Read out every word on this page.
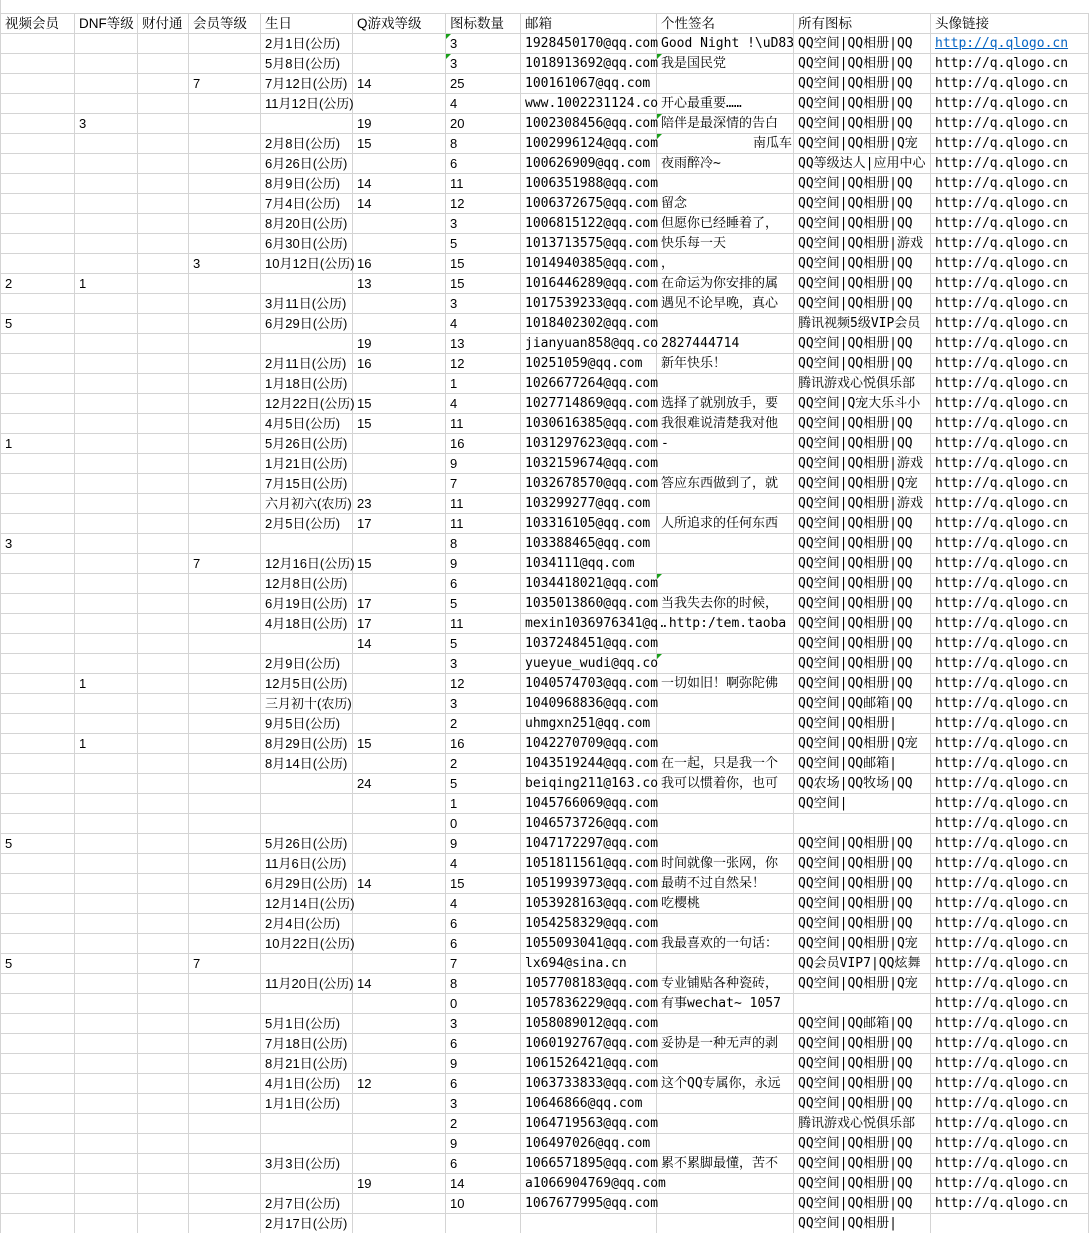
视频会员	DNF等级	财付通	会员等级	生日	Q游戏等级	图标数量	邮箱	个性签名	所有图标	头像链接
				2月1日(公历)		3	1928450170@qq.com	Good Night !\uD83	QQ空间|QQ相册|QQ	http://q.qlogo.cn
				5月8日(公历)		3	1018913692@qq.com	我是国民党	QQ空间|QQ相册|QQ	http://q.qlogo.cn
			7	7月12日(公历)	14	25	100161067@qq.com		QQ空间|QQ相册|QQ	http://q.qlogo.cn
				11月12日(公历)		4	www.1002231124.co	开心最重要……	QQ空间|QQ相册|QQ	http://q.qlogo.cn
	3				19	20	1002308456@qq.com	陪伴是最深情的告白	QQ空间|QQ相册|QQ	http://q.qlogo.cn
				2月8日(公历)	15	8	1002996124@qq.com	南瓜车	QQ空间|QQ相册|Q宠	http://q.qlogo.cn
				6月26日(公历)		6	100626909@qq.com	夜雨醉冷~	QQ等级达人|应用中心	http://q.qlogo.cn
				8月9日(公历)	14	11	1006351988@qq.com		QQ空间|QQ相册|QQ	http://q.qlogo.cn
				7月4日(公历)	14	12	1006372675@qq.com	留念	QQ空间|QQ相册|QQ	http://q.qlogo.cn
				8月20日(公历)		3	1006815122@qq.com	但愿你已经睡着了，	QQ空间|QQ相册|QQ	http://q.qlogo.cn
				6月30日(公历)		5	1013713575@qq.com	快乐每一天	QQ空间|QQ相册|游戏	http://q.qlogo.cn
			3	10月12日(公历)	16	15	1014940385@qq.com	，	QQ空间|QQ相册|QQ	http://q.qlogo.cn
2	1				13	15	1016446289@qq.com	在命运为你安排的属	QQ空间|QQ相册|QQ	http://q.qlogo.cn
				3月11日(公历)		3	1017539233@qq.com	遇见不论早晚，真心	QQ空间|QQ相册|QQ	http://q.qlogo.cn
5				6月29日(公历)		4	1018402302@qq.com		腾讯视频5级VIP会员	http://q.qlogo.cn
					19	13	jianyuan858@qq.co	2827444714	QQ空间|QQ相册|QQ	http://q.qlogo.cn
				2月11日(公历)	16	12	10251059@qq.com	新年快乐！	QQ空间|QQ相册|QQ	http://q.qlogo.cn
				1月18日(公历)		1	1026677264@qq.com		腾讯游戏心悦俱乐部	http://q.qlogo.cn
				12月22日(公历)	15	4	1027714869@qq.com	选择了就别放手，要	QQ空间|Q宠大乐斗小	http://q.qlogo.cn
				4月5日(公历)	15	11	1030616385@qq.com	我很难说清楚我对他	QQ空间|QQ相册|QQ	http://q.qlogo.cn
1				5月26日(公历)		16	1031297623@qq.com	-	QQ空间|QQ相册|QQ	http://q.qlogo.cn
				1月21日(公历)		9	1032159674@qq.com		QQ空间|QQ相册|游戏	http://q.qlogo.cn
				7月15日(公历)		7	1032678570@qq.com	答应东西做到了，就	QQ空间|QQ相册|Q宠	http://q.qlogo.cn
				六月初六(农历)	23	11	103299277@qq.com		QQ空间|QQ相册|游戏	http://q.qlogo.cn
				2月5日(公历)	17	11	103316105@qq.com	人所追求的任何东西	QQ空间|QQ相册|QQ	http://q.qlogo.cn
3						8	103388465@qq.com		QQ空间|QQ相册|QQ	http://q.qlogo.cn
			7	12月16日(公历)	15	9	1034111@qq.com		QQ空间|QQ相册|QQ	http://q.qlogo.cn
				12月8日(公历)		6	1034418021@qq.com		QQ空间|QQ相册|QQ	http://q.qlogo.cn
				6月19日(公历)	17	5	1035013860@qq.com	当我失去你的时候，	QQ空间|QQ相册|QQ	http://q.qlogo.cn
				4月18日(公历)	17	11	mexin1036976341@q.	.http:/tem.taoba	QQ空间|QQ相册|QQ	http://q.qlogo.cn
					14	5	1037248451@qq.com		QQ空间|QQ相册|QQ	http://q.qlogo.cn
				2月9日(公历)		3	yueyue_wudi@qq.co		QQ空间|QQ相册|QQ	http://q.qlogo.cn
	1			12月5日(公历)		12	1040574703@qq.com	一切如旧！啊弥陀佛	QQ空间|QQ相册|QQ	http://q.qlogo.cn
				三月初十(农历)		3	1040968836@qq.com		QQ空间|QQ邮箱|QQ	http://q.qlogo.cn
				9月5日(公历)		2	uhmgxn251@qq.com		QQ空间|QQ相册|	http://q.qlogo.cn
	1			8月29日(公历)	15	16	1042270709@qq.com		QQ空间|QQ相册|Q宠	http://q.qlogo.cn
				8月14日(公历)		2	1043519244@qq.com	在一起，只是我一个	QQ空间|QQ邮箱|	http://q.qlogo.cn
					24	5	beiqing211@163.co	我可以惯着你，也可	QQ农场|QQ牧场|QQ	http://q.qlogo.cn
						1	1045766069@qq.com		QQ空间|	http://q.qlogo.cn
						0	1046573726@qq.com			http://q.qlogo.cn
5				5月26日(公历)		9	1047172297@qq.com		QQ空间|QQ相册|QQ	http://q.qlogo.cn
				11月6日(公历)		4	1051811561@qq.com	时间就像一张网，你	QQ空间|QQ相册|QQ	http://q.qlogo.cn
				6月29日(公历)	14	15	1051993973@qq.com	最萌不过自然呆！	QQ空间|QQ相册|QQ	http://q.qlogo.cn
				12月14日(公历)		4	1053928163@qq.com	吃樱桃	QQ空间|QQ相册|QQ	http://q.qlogo.cn
				2月4日(公历)		6	1054258329@qq.com		QQ空间|QQ相册|QQ	http://q.qlogo.cn
				10月22日(公历)		6	1055093041@qq.com	我最喜欢的一句话：	QQ空间|QQ相册|Q宠	http://q.qlogo.cn
5			7			7	lx694@sina.cn		QQ会员VIP7|QQ炫舞	http://q.qlogo.cn
				11月20日(公历)	14	8	1057708183@qq.com	专业铺贴各种瓷砖，	QQ空间|QQ相册|Q宠	http://q.qlogo.cn
						0	1057836229@qq.com	有事wechat~ 1057		http://q.qlogo.cn
				5月1日(公历)		3	1058089012@qq.com		QQ空间|QQ邮箱|QQ	http://q.qlogo.cn
				7月18日(公历)		6	1060192767@qq.com	妥协是一种无声的剥	QQ空间|QQ相册|QQ	http://q.qlogo.cn
				8月21日(公历)		9	1061526421@qq.com		QQ空间|QQ相册|QQ	http://q.qlogo.cn
				4月1日(公历)	12	6	1063733833@qq.com	这个QQ专属你，永远	QQ空间|QQ相册|QQ	http://q.qlogo.cn
				1月1日(公历)		3	10646866@qq.com		QQ空间|QQ相册|QQ	http://q.qlogo.cn
						2	1064719563@qq.com		腾讯游戏心悦俱乐部	http://q.qlogo.cn
						9	106497026@qq.com		QQ空间|QQ相册|QQ	http://q.qlogo.cn
				3月3日(公历)		6	1066571895@qq.com	累不累脚最懂，苦不	QQ空间|QQ相册|QQ	http://q.qlogo.cn
					19	14	a1066904769@qq.com		QQ空间|QQ相册|QQ	http://q.qlogo.cn
				2月7日(公历)		10	1067677995@qq.com		QQ空间|QQ相册|QQ	http://q.qlogo.cn
				2月17日(公历)					QQ空间|QQ相册|	
